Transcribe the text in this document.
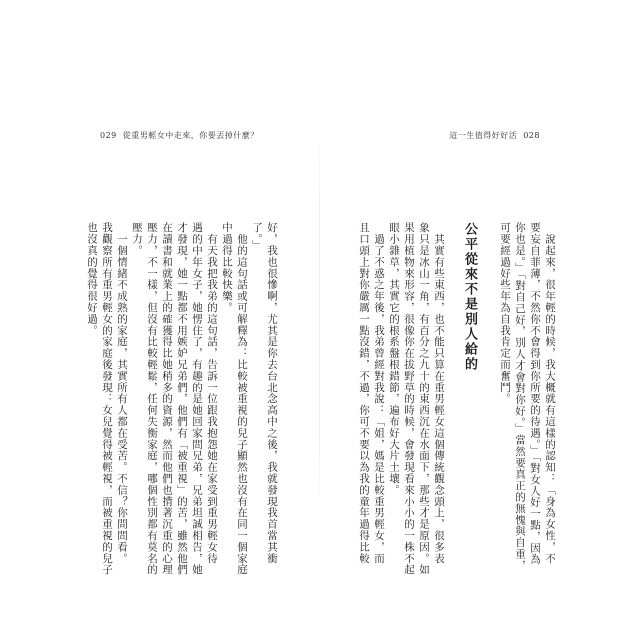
029 從重男輕女中走來，你要丟掉什麼？	這一生值得好好活 028
　說起來，很年輕的時候，我大概就有這樣的認知：「身為女性，不
要妄自菲薄，不然你不會得到你所要的待遇。」「對女人好一點，因為
你也是。」「對自己好，別人才會對你好。」當然要真正的無愧與自重，
可要經過好些年為自我肯定而奮鬥。
公平從來不是別人給的
　其實有些東西，也不能只算在重男輕女這個傳統觀念頭上，很多表
象只是冰山一角，有百分之九十的東西沉在水面下，那些才是原因。如
果用植物來形容，很像你在拔野草的時候，會發現看來小小的一株不起
眼小雜草，其實它的根系盤根錯節，遍布好大片土壤。
　過了不惑之年後，我弟曾經對我說：「姐，媽是比較重男輕女，而
且口頭上對你嚴厲一點沒錯，不過，你可不要以為我的童年過得比較
好，我也很慘啊，尤其是你去台北念高中之後，我就發現我首當其衝
了。」
　他的這句話或可解釋為：比較被重視的兒子顯然也沒有在同一個家庭
中過得比較快樂。
　有天我把我弟的這句話，告訴一位跟我抱怨她在家受到重男輕女待
遇的中年女子，她愣住了，有趣的是她回家問兄弟，兄弟坦誠相告，她
才發現，她一點都不用嫉妒兄弟們，他們有「被重視」的苦，雖然他們
在讀書和就業上的確獲得比她稍多的資源，然而他們也揹著沉重的心理
壓力，不一樣，但沒有比較輕鬆，任何失衡家庭，哪個性別都有莫名的
壓力。
　一個情緒不成熟的家庭，其實所有人都在受苦。不信？你問問看。
我觀察所有重男輕女的家庭後發現：女兒覺得被輕視，而被重視的兒子
也沒真的覺得很好過。
